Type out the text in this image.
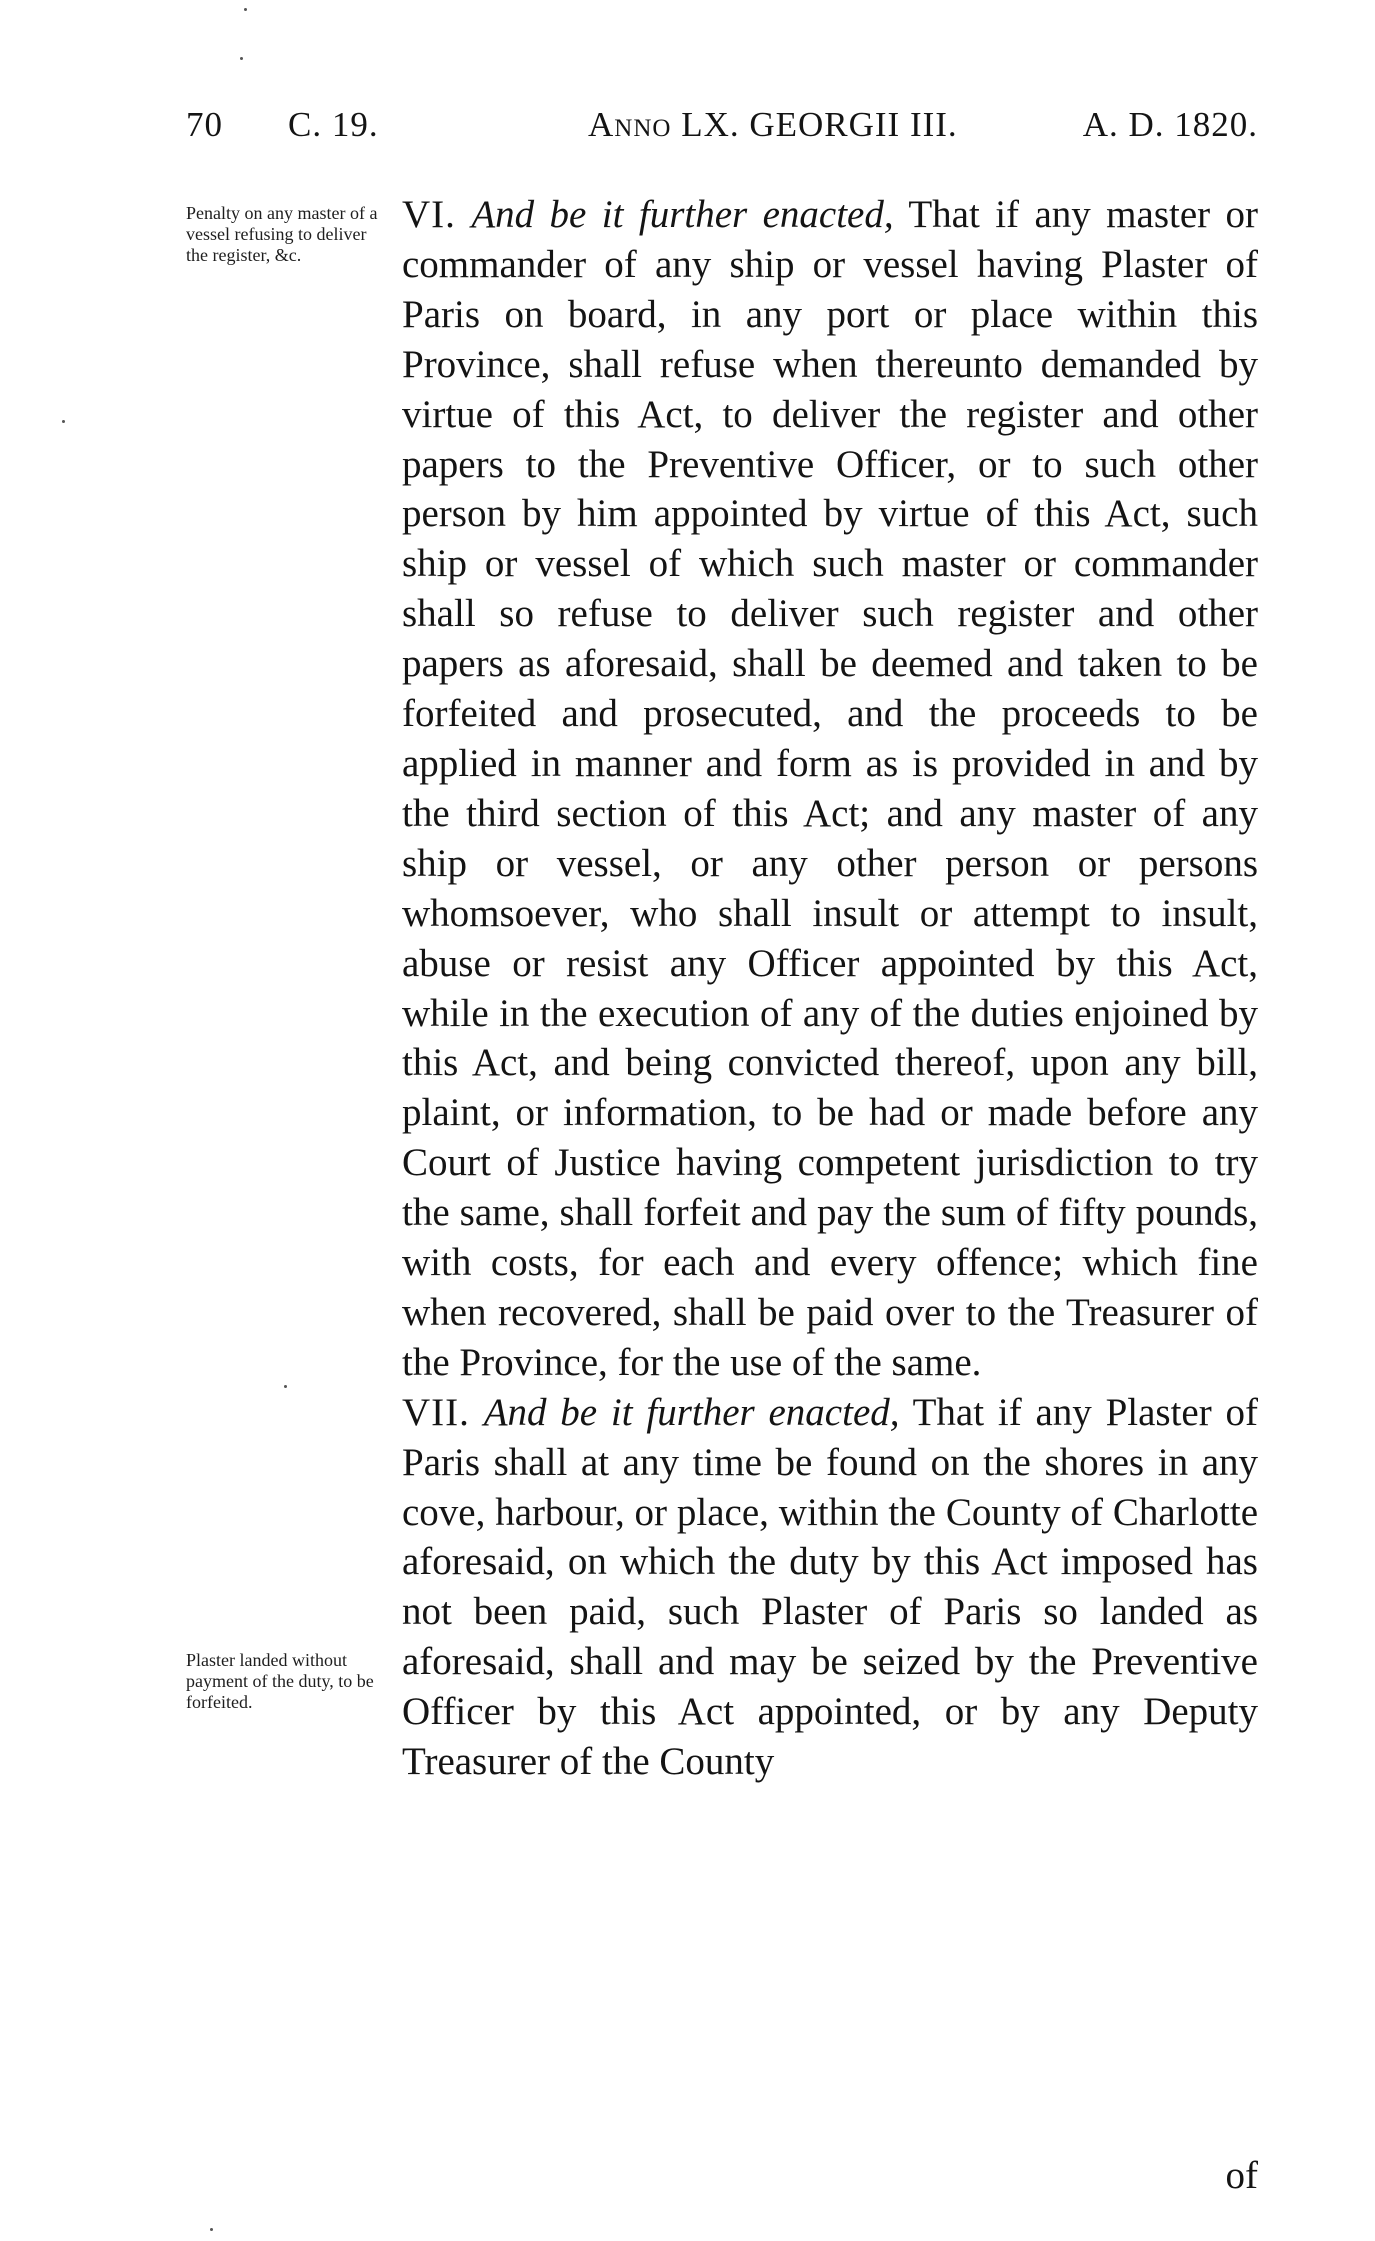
70 C. 19.	Anno LX. GEORGII III.	A. D. 1820.
Penalty on any master of a vessel refusing to deliver the register, &c.
Plaster landed without payment of the duty, to be forfeited.

VI. And be it further enacted, That if any master or commander of any ship or vessel having Plaster of Paris on board, in any port or place within this Province, shall refuse when thereunto demanded by virtue of this Act, to deliver the register and other papers to the Preventive Officer, or to such other person by him appointed by virtue of this Act, such ship or vessel of which such master or commander shall so refuse to deliver such register and other papers as aforesaid, shall be deemed and taken to be forfeited and prosecuted, and the proceeds to be applied in manner and form as is provided in and by the third section of this Act; and any master of any ship or vessel, or any other person or persons whomsoever, who shall insult or attempt to insult, abuse or resist any Officer appointed by this Act, while in the execution of any of the duties enjoined by this Act, and being convicted thereof, upon any bill, plaint, or information, to be had or made before any Court of Justice having competent jurisdiction to try the same, shall forfeit and pay the sum of fifty pounds, with costs, for each and every offence; which fine when recovered, shall be paid over to the Treasurer of the Province, for the use of the same.

VII. And be it further enacted, That if any Plaster of Paris shall at any time be found on the shores in any cove, harbour, or place, within the County of Charlotte aforesaid, on which the duty by this Act imposed has not been paid, such Plaster of Paris so landed as aforesaid, shall and may be seized by the Preventive Officer by this Act appointed, or by any Deputy Treasurer of the County

of
